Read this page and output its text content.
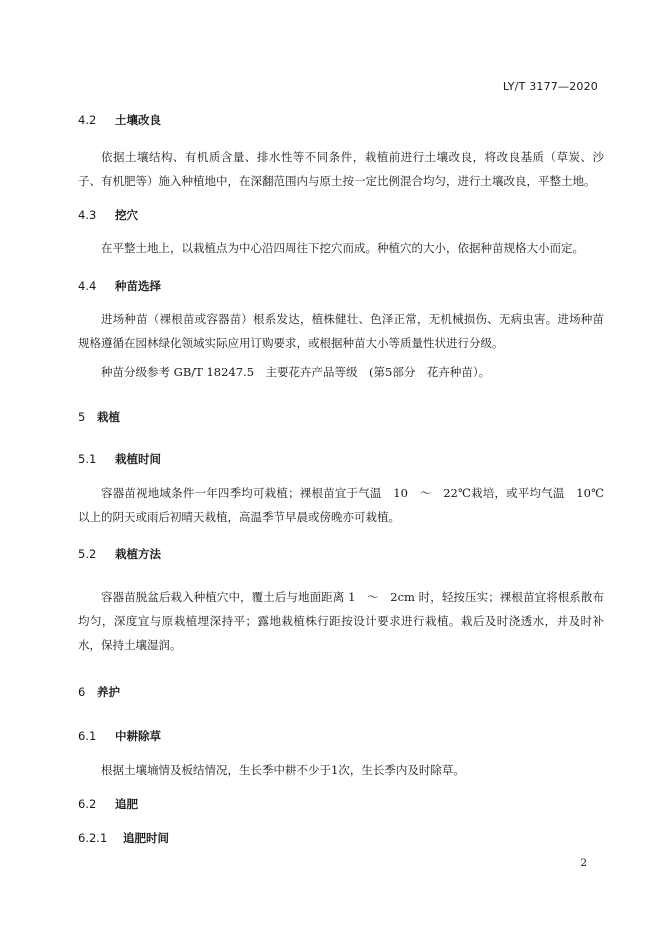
LY/T 3177—2020
4.2 土壤改良
依据土壤结构、有机质含量、排水性等不同条件，栽植前进行土壤改良，将改良基质（草炭、沙子、有机肥等）施入种植地中，在深翻范围内与原土按一定比例混合均匀，进行土壤改良，平整土地。
4.3 挖穴
在平整土地上，以栽植点为中心沿四周往下挖穴而成。种植穴的大小，依据种苗规格大小而定。
4.4 种苗选择
进场种苗（裸根苗或容器苗）根系发达，植株健壮、色泽正常，无机械损伤、无病虫害。进场种苗规格遵循在园林绿化领域实际应用订购要求，或根据种苗大小等质量性状进行分级。
种苗分级参考 GB/T 18247.5　主要花卉产品等级　(第5部分　花卉种苗）。
5 栽植
5.1 栽植时间
容器苗视地域条件一年四季均可栽植；裸根苗宜于气温　10　～　22℃栽培，或平均气温　10℃以上的阴天或雨后初晴天栽植，高温季节早晨或傍晚亦可栽植。
5.2 栽植方法
容器苗脱盆后栽入种植穴中，覆土后与地面距离 1　～　2cm 时，轻按压实；裸根苗宜将根系散布均匀，深度宜与原栽植埋深持平；露地栽植株行距按设计要求进行栽植。栽后及时浇透水，并及时补水，保持土壤湿润。
6 养护
6.1 中耕除草
根据土壤墒情及板结情况，生长季中耕不少于1次，生长季内及时除草。
6.2 追肥
6.2.1 追肥时间
2
